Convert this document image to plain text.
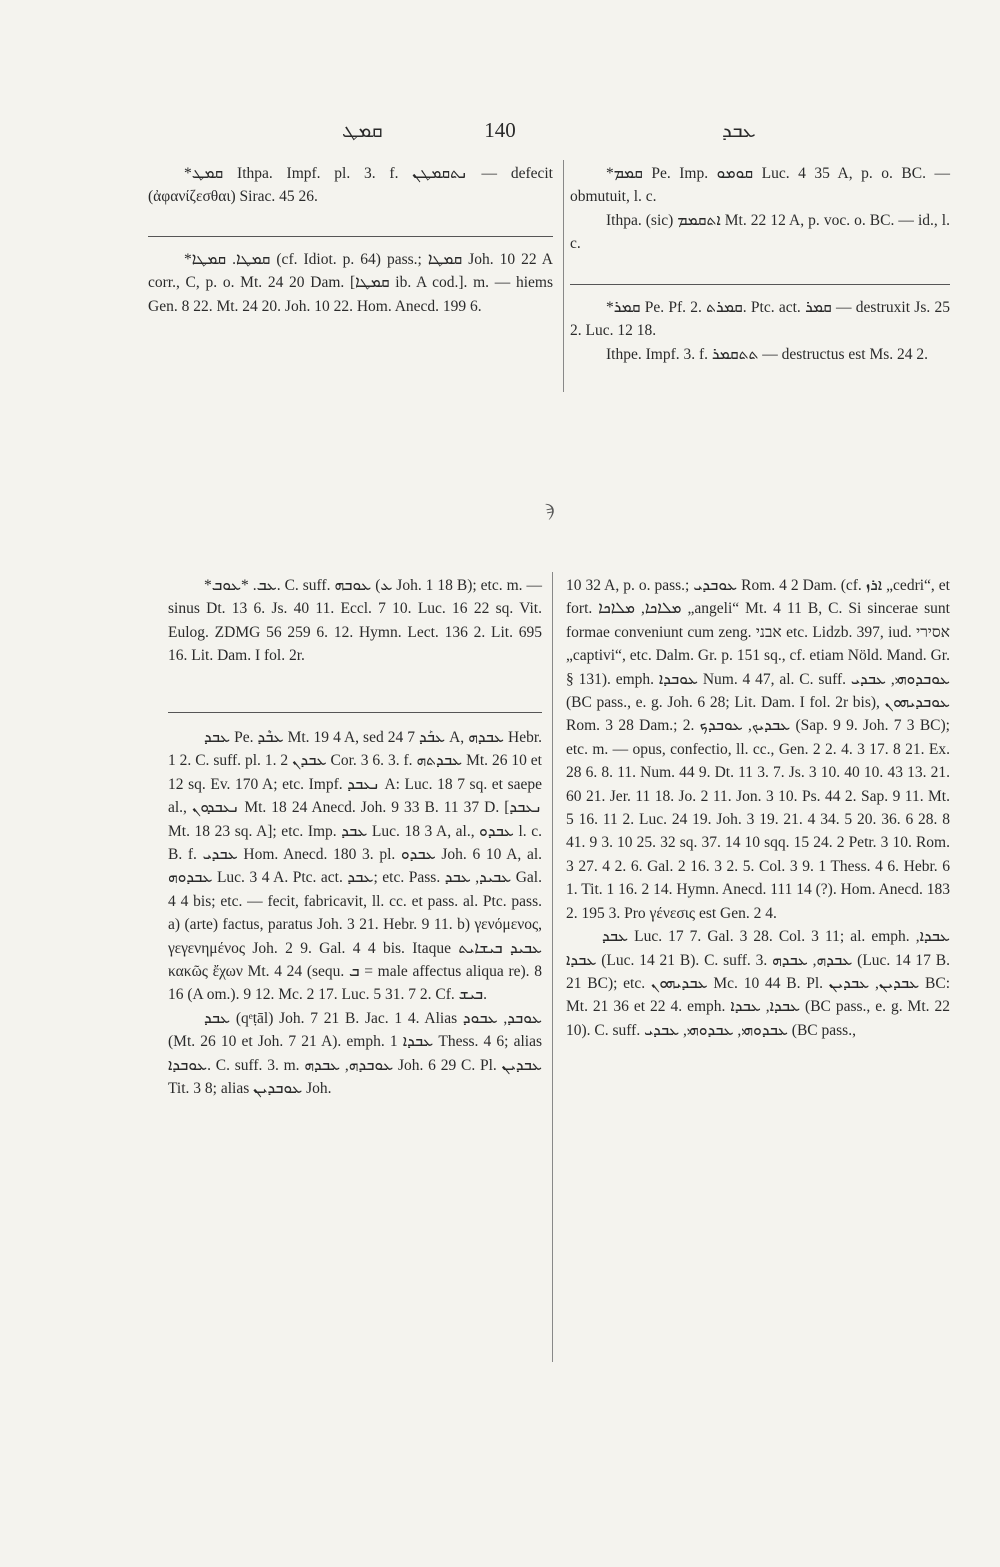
ܩܡܛ	140	ܥܒܕ

*ܩܡܛ Ithpa. Impf. pl. 3. f. ܢܬܩܡܛܢ — defecit (ἀφανίζεσθαι) Sirac. 45 26.

*ܩܡܛܐ. ܩܡܛܐ (cf. Idiot. p. 64) pass.; ܩܡܛܐ Joh. 10 22 A corr., C, p. o. Mt. 24 20 Dam. [ܩܡܛܐ ib. A cod.]. m. — hiems Gen. 8 22. Mt. 24 20. Joh. 10 22. Hom. Anecd. 199 6.

*ܩܡܡ Pe. Imp. ܩܘܡܘ Luc. 4 35 A, p. o. BC. — obmutuit, l. c.

Ithpa. (sic) ܐܬܩܡܡ Mt. 22 12 A, p. voc. o. BC. — id., l. c.

*ܩܡܪ Pe. Pf. 2. ܩܡܪܬ. Ptc. act. ܩܡܪ — destruxit Js. 25 2. Luc. 12 18.

Ithpe. Impf. 3. f. ܬܬܩܡܪ — destructus est Ms. 24 2.

ϡ

*ܥܒ. *ܥܘܒ. C. suff. ܥܘܒܗ (ܥ Joh. 1 18 B); etc. m. — sinus Dt. 13 6. Js. 40 11. Eccl. 7 10. Luc. 16 22 sq. Vit. Eulog. ZDMG 56 259 6. 12. Hymn. Lect. 136 2. Lit. 695 16. Lit. Dam. I fol. 2r.

ܥܒܕ Pe. ܥܒܶܕ Mt. 19 4 A, sed ܥܒܰܕ 7 24 A, ܥܒܕܗ Hebr. 1 2. C. suff. pl. 1. ܥܒܕܢ 2 Cor. 3 6. 3. f. ܥܒܕܬܗ Mt. 26 10 et 12 sq. Ev. 170 A; etc. Impf. ܢܥܒܕ A: Luc. 18 7 sq. et saepe al., ܢܥܒܕܘܢ Mt. 18 24 Anecd. Joh. 9 33 B. 11 37 D. [ܢܥܒܕ Mt. 18 23 sq. A]; etc. Imp. ܥܒܕ Luc. 18 3 A, al., ܥܒܕܘ l. c. B. f. ܥܒܕܝ Hom. Anecd. 180 3. pl. ܥܒܕܘ Joh. 6 10 A, al. ܥܒܕܘܗ Luc. 3 4 A. Ptc. act. ܥܒܕ; etc. Pass. ܥܒܝܕ, ܥܒܕ Gal. 4 4 bis; etc. — fecit, fabricavit, ll. cc. et pass. al. Ptc. pass. a) (arte) factus, paratus Joh. 3 21. Hebr. 9 11. b) γενόμενος, γεγενημένος Joh. 2 9. Gal. 4 4 bis. Itaque ܥܒܝܕ ܒܝܫܐܝܬ κακῶς ἔχων Mt. 4 24 (sequ. ܒ = male affectus aliqua re). 8 16 (A om.). 9 12. Mc. 2 17. Luc. 5 31. 7 2. Cf. ܒܝܫ.

ܥܒܕ (qᵉṭāl) Joh. 7 21 B. Jac. 1 4. Alias ܥܘܒܕ, ܥܒܘܕ (Mt. 26 10 et Joh. 7 21 A). emph. ܥܒܕܐ 1 Thess. 4 6; alias ܥܘܒܕܐ. C. suff. 3. m. ܥܘܒܕܗ, ܥܒܕܗ Joh. 6 29 C. Pl. ܥܒܕܝܢ Tit. 3 8; alias ܥܘܒܕܝܢ Joh.

10 32 A, p. o. pass.; ܥܘܒܕܝ Rom. 4 2 Dam. (cf. ܐܪܙ „cedri“, et fort. ܡܠܐܟܐ, ܡܠܐܟܐ „angeli“ Mt. 4 11 B, C. Si sincerae sunt formae conveniunt cum zeng. אבני etc. Lidzb. 397, iud. אסירי „captivi“, etc. Dalm. Gr. p. 151 sq., cf. etiam Nöld. Mand. Gr. § 131). emph. ܥܘܒܕܐ Num. 4 47, al. C. suff. ܥܘܒܕܘܗܝ, ܥܒܕܝ (BC pass., e. g. Joh. 6 28; Lit. Dam. I fol. 2r bis), ܥܘܒܕܝܗܘܢ Rom. 3 28 Dam.; 2. ܥܒܕܝܟ, ܥܘܒܕܟ (Sap. 9 9. Joh. 7 3 BC); etc. m. — opus, confectio, ll. cc., Gen. 2 2. 4. 3 17. 8 21. Ex. 28 6. 8. 11. Num. 44 9. Dt. 11 3. 7. Js. 3 10. 40 10. 43 13. 21. 60 21. Jer. 11 18. Jo. 2 11. Jon. 3 10. Ps. 44 2. Sap. 9 11. Mt. 5 16. 11 2. Luc. 24 19. Joh. 3 19. 21. 4 34. 5 20. 36. 6 28. 8 41. 9 3. 10 25. 32 sq. 37. 14 10 sqq. 15 24. 2 Petr. 3 10. Rom. 3 27. 4 2. 6. Gal. 2 16. 3 2. 5. Col. 3 9. 1 Thess. 4 6. Hebr. 6 1. Tit. 1 16. 2 14. Hymn. Anecd. 111 14 (?). Hom. Anecd. 183 2. 195 3. Pro γένεσις est Gen. 2 4.

ܥܒܕ Luc. 17 7. Gal. 3 28. Col. 3 11; al. emph. ܥܒܕܐ, ܥܒܕܐ (Luc. 14 21 B). C. suff. 3. ܥܒܕܗ, ܥܒܕܗ (Luc. 14 17 B. 21 BC); etc. ܥܒܕܝܗܘܢ Mc. 10 44 B. Pl. ܥܒܕܝܢ, ܥܒܕܝܢ BC: Mt. 21 36 et 22 4. emph. ܥܒܕܐ, ܥܒܕܐ (BC pass., e. g. Mt. 22 10). C. suff. ܥܒܕܘܗܝ, ܥܒܕܘܗܝ, ܥܒܕܝ (BC pass.,
